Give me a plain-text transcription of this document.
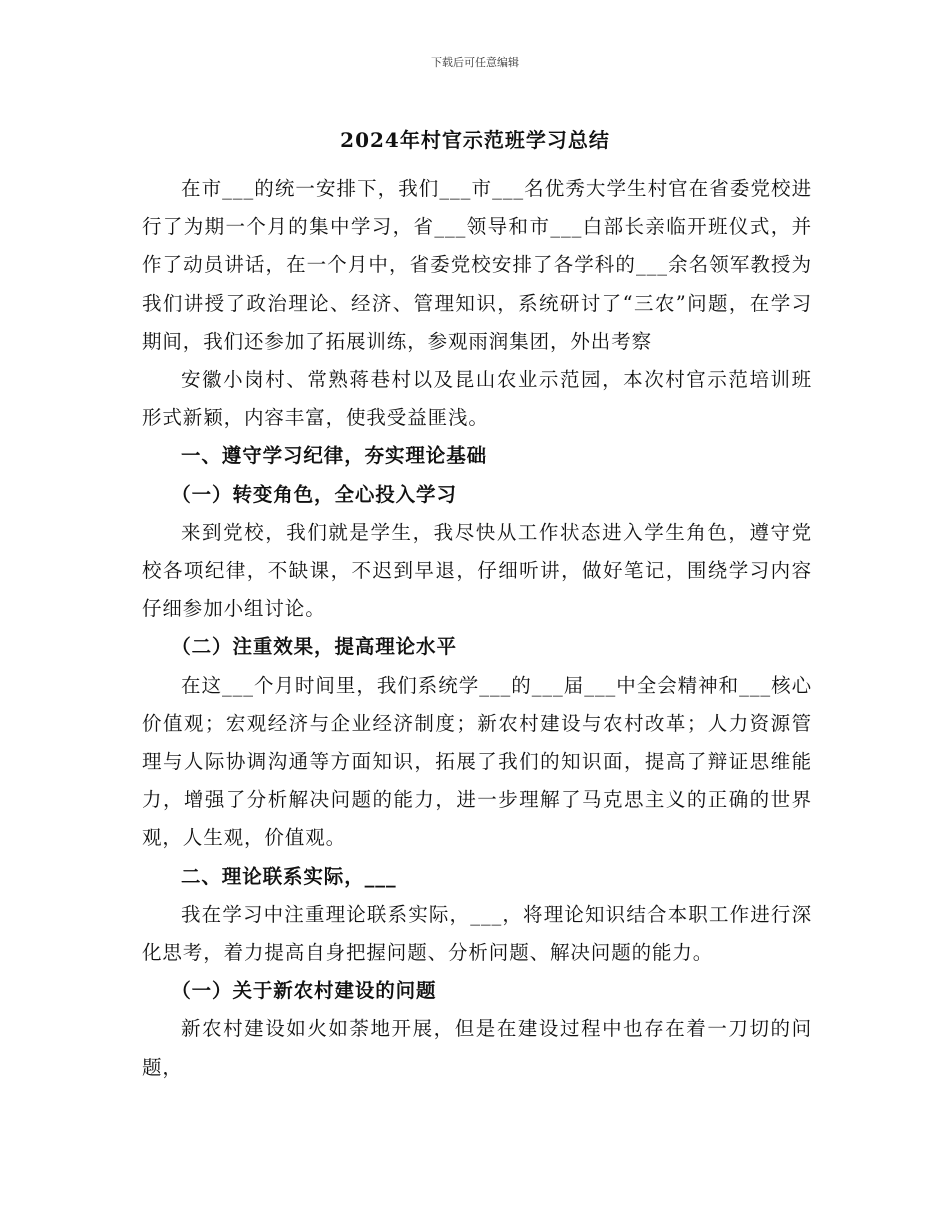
下载后可任意编辑
2024年村官示范班学习总结

在市___的统一安排下，我们___市___名优秀大学生村官在省委党校进行了为期一个月的集中学习，省___领导和市___白部长亲临开班仪式，并作了动员讲话，在一个月中，省委党校安排了各学科的___余名领军教授为我们讲授了政治理论、经济、管理知识，系统研讨了“三农”问题，在学习期间，我们还参加了拓展训练，参观雨润集团，外出考察

安徽小岗村、常熟蒋巷村以及昆山农业示范园，本次村官示范培训班形式新颖，内容丰富，使我受益匪浅。

一、遵守学习纪律，夯实理论基础

（一）转变角色，全心投入学习

来到党校，我们就是学生，我尽快从工作状态进入学生角色，遵守党校各项纪律，不缺课，不迟到早退，仔细听讲，做好笔记，围绕学习内容仔细参加小组讨论。

（二）注重效果，提高理论水平

在这___个月时间里，我们系统学___的___届___中全会精神和___核心价值观；宏观经济与企业经济制度；新农村建设与农村改革；人力资源管理与人际协调沟通等方面知识，拓展了我们的知识面，提高了辩证思维能力，增强了分析解决问题的能力，进一步理解了马克思主义的正确的世界观，人生观，价值观。

二、理论联系实际，___

我在学习中注重理论联系实际，___，将理论知识结合本职工作进行深化思考，着力提高自身把握问题、分析问题、解决问题的能力。

（一）关于新农村建设的问题

新农村建设如火如荼地开展，但是在建设过程中也存在着一刀切的问题，
